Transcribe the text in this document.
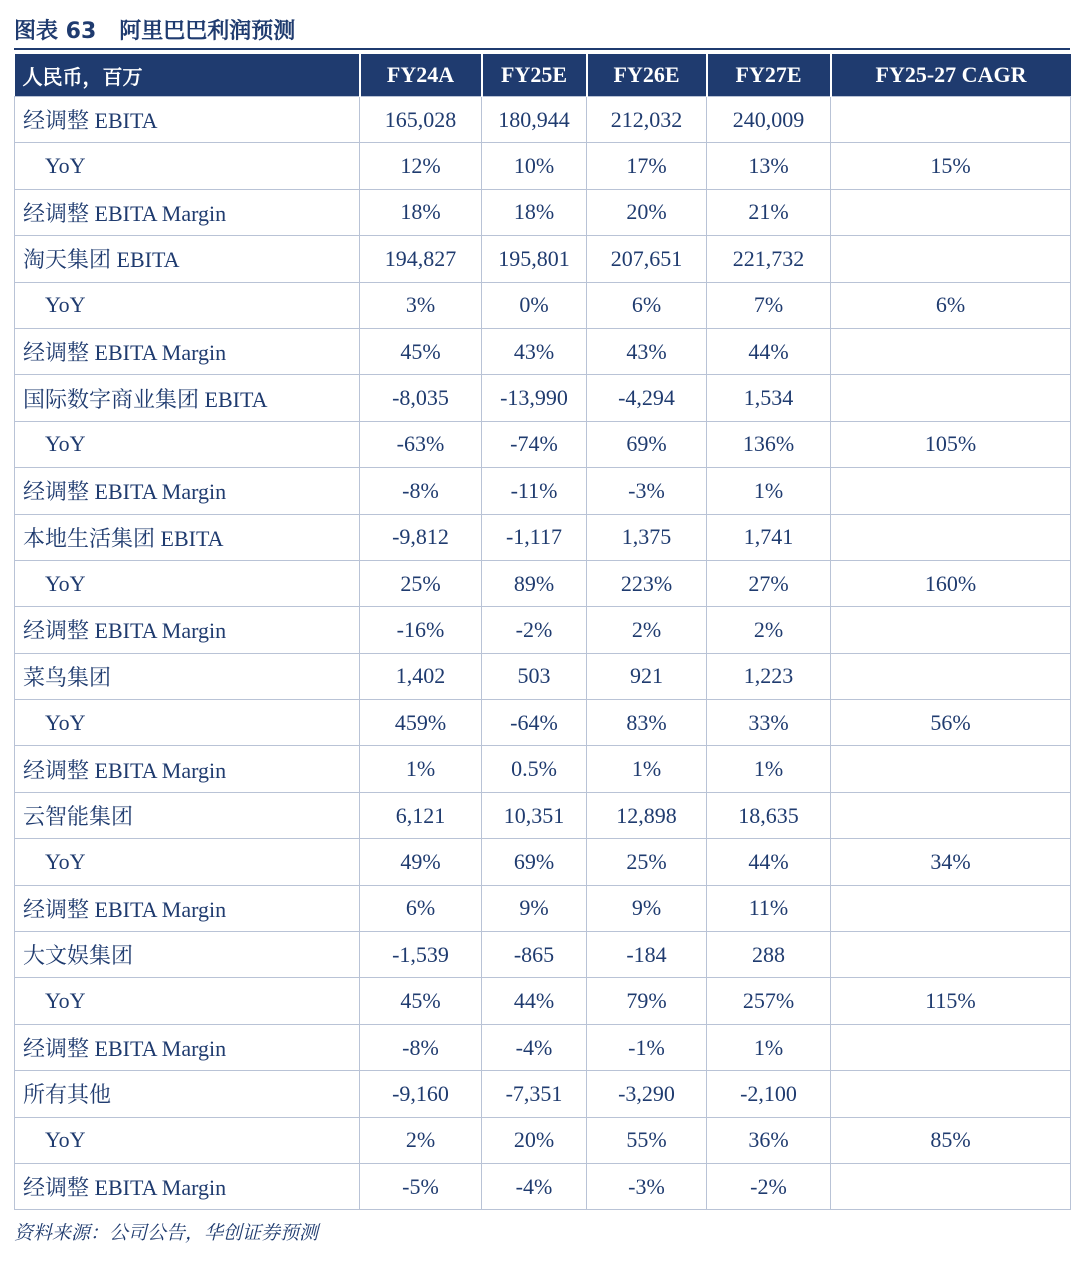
图表 63   阿里巴巴利润预测
人民币，百万	FY24A	FY25E	FY26E	FY27E	FY25-27 CAGR
经调整 EBITA	165,028	180,944	212,032	240,009	
YoY	12%	10%	17%	13%	15%
经调整 EBITA Margin	18%	18%	20%	21%	
淘天集团 EBITA	194,827	195,801	207,651	221,732	
YoY	3%	0%	6%	7%	6%
经调整 EBITA Margin	45%	43%	43%	44%	
国际数字商业集团 EBITA	-8,035	-13,990	-4,294	1,534	
YoY	-63%	-74%	69%	136%	105%
经调整 EBITA Margin	-8%	-11%	-3%	1%	
本地生活集团 EBITA	-9,812	-1,117	1,375	1,741	
YoY	25%	89%	223%	27%	160%
经调整 EBITA Margin	-16%	-2%	2%	2%	
菜鸟集团	1,402	503	921	1,223	
YoY	459%	-64%	83%	33%	56%
经调整 EBITA Margin	1%	0.5%	1%	1%	
云智能集团	6,121	10,351	12,898	18,635	
YoY	49%	69%	25%	44%	34%
经调整 EBITA Margin	6%	9%	9%	11%	
大文娱集团	-1,539	-865	-184	288	
YoY	45%	44%	79%	257%	115%
经调整 EBITA Margin	-8%	-4%	-1%	1%	
所有其他	-9,160	-7,351	-3,290	-2,100	
YoY	2%	20%	55%	36%	85%
经调整 EBITA Margin	-5%	-4%	-3%	-2%	
资料来源：公司公告，华创证券预测
